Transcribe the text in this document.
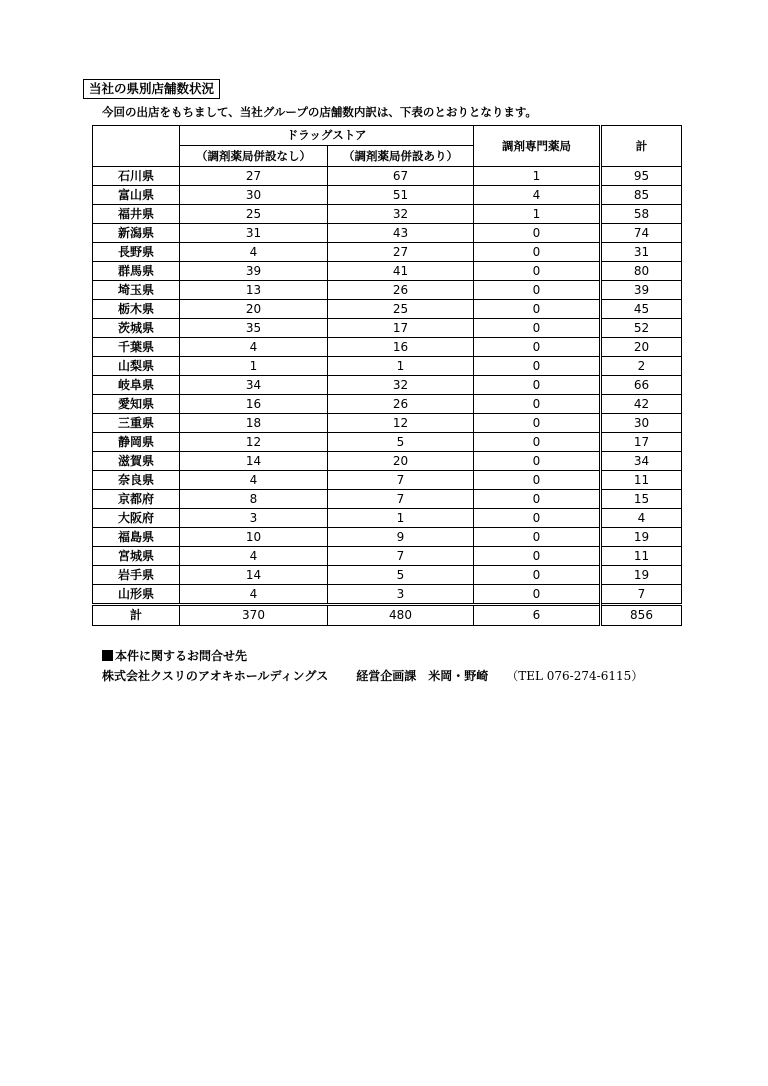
当社の県別店舗数状況
今回の出店をもちまして、当社グループの店舗数内訳は、下表のとおりとなります。
	ドラッグストア		調剤専門薬局	計
	（調剤薬局併設なし）	（調剤薬局併設あり）		
石川県	27	67	1	95
富山県	30	51	4	85
福井県	25	32	1	58
新潟県	31	43	0	74
長野県	4	27	0	31
群馬県	39	41	0	80
埼玉県	13	26	0	39
栃木県	20	25	0	45
茨城県	35	17	0	52
千葉県	4	16	0	20
山梨県	1	1	0	2
岐阜県	34	32	0	66
愛知県	16	26	0	42
三重県	18	12	0	30
静岡県	12	5	0	17
滋賀県	14	20	0	34
奈良県	4	7	0	11
京都府	8	7	0	15
大阪府	3	1	0	4
福島県	10	9	0	19
宮城県	4	7	0	11
岩手県	14	5	0	19
山形県	4	3	0	7
計	370	480	6	856
本件に関するお問合せ先
株式会社クスリのアオキホールディングス 経営企画課 米岡・野崎 （TEL 076-274-6115）
